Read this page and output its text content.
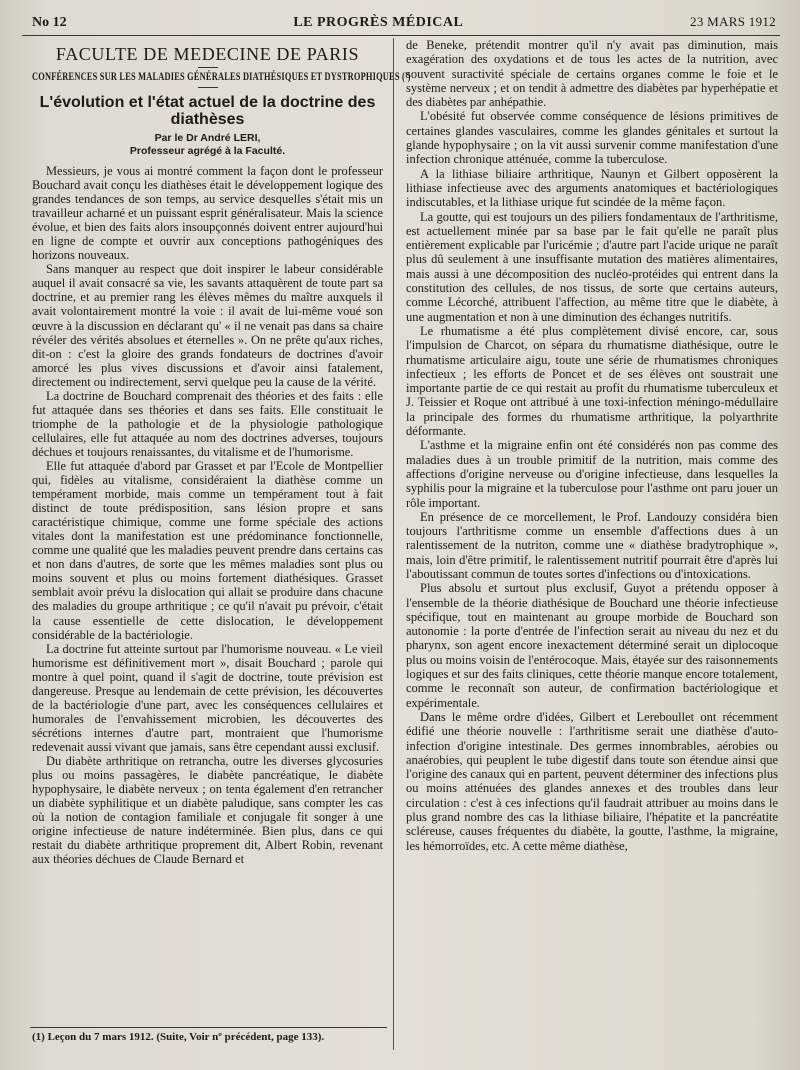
No 12	LE PROGRÈS MÉDICAL	23 MARS 1912
FACULTE DE MEDECINE DE PARIS
CONFÉRENCES SUR LES MALADIES GÉNÉRALES DIATHÉSIQUES ET DYSTROPHIQUES (¹)
L'évolution et l'état actuel de la doctrine des diathèses
Par le Dr André LERI,
Professeur agrégé à la Faculté.

Messieurs, je vous ai montré comment la façon dont le professeur Bouchard avait conçu les diathèses était le développement logique des grandes tendances de son temps, au service desquelles s'était mis un travailleur acharné et un puissant esprit généralisateur. Mais la science évolue, et bien des faits alors insoupçonnés doivent entrer aujourd'hui en ligne de compte et ouvrir aux conceptions pathogéniques des horizons nouveaux.

Sans manquer au respect que doit inspirer le labeur considérable auquel il avait consacré sa vie, les savants attaquèrent de toute part sa doctrine, et au premier rang les élèves mêmes du maître auxquels il avait volontairement montré la voie : il avait de lui-même voué son œuvre à la discussion en déclarant qu' « il ne venait pas dans sa chaire révéler des vérités absolues et éternelles ». On ne prête qu'aux riches, dit-on : c'est la gloire des grands fondateurs de doctrines d'avoir amorcé les plus vives discussions et d'avoir ainsi fatalement, directement ou indirectement, servi quelque peu la cause de la vérité.

La doctrine de Bouchard comprenait des théories et des faits : elle fut attaquée dans ses théories et dans ses faits. Elle constituait le triomphe de la pathologie et de la physiologie pathologique cellulaires, elle fut attaquée au nom des doctrines adverses, toujours déchues et toujours renaissantes, du vitalisme et de l'humorisme.

Elle fut attaquée d'abord par Grasset et par l'Ecole de Montpellier qui, fidèles au vitalisme, considéraient la diathèse comme un tempérament morbide, mais comme un tempérament tout à fait distinct de toute prédisposition, sans lésion propre et sans caractéristique chimique, comme une forme spéciale des actions vitales dont la manifestation est une prédominance fonctionnelle, comme une qualité que les maladies peuvent prendre dans certains cas et non dans d'autres, de sorte que les mêmes maladies sont plus ou moins souvent et plus ou moins fortement diathésiques. Grasset semblait avoir prévu la dislocation qui allait se produire dans chacune des maladies du groupe arthritique ; ce qu'il n'avait pu prévoir, c'était la cause essentielle de cette dislocation, le développement considérable de la bactériologie.

La doctrine fut atteinte surtout par l'humorisme nouveau. « Le vieil humorisme est définitivement mort », disait Bouchard ; parole qui montre à quel point, quand il s'agit de doctrine, toute prévision est dangereuse. Presque au lendemain de cette prévision, les découvertes de la bactériologie d'une part, avec les conséquences cellulaires et humorales de l'envahissement microbien, les découvertes des sécrétions internes d'autre part, montraient que l'humorisme redevenait aussi vivant que jamais, sans être cependant aussi exclusif.

Du diabète arthritique on retrancha, outre les diverses glycosuries plus ou moins passagères, le diabète pancréatique, le diabète hypophysaire, le diabète nerveux ; on tenta également d'en retrancher un diabète syphilitique et un diabète paludique, sans compter les cas où la notion de contagion familiale et conjugale fit songer à une origine infectieuse de nature indéterminée. Bien plus, dans ce qui restait du diabète arthritique proprement dit, Albert Robin, revenant aux théories déchues de Claude Bernard et

(1) Leçon du 7 mars 1912. (Suite, Voir nº précédent, page 133).

de Beneke, prétendit montrer qu'il n'y avait pas diminution, mais exagération des oxydations et de tous les actes de la nutrition, avec souvent suractivité spéciale de certains organes comme le foie et le système nerveux ; et on tendit à admettre des diabètes par hyperhépatie et des diabètes par anhépathie.

L'obésité fut observée comme conséquence de lésions primitives de certaines glandes vasculaires, comme les glandes génitales et surtout la glande hypophysaire ; on la vit aussi survenir comme manifestation d'une infection chronique atténuée, comme la tuberculose.

A la lithiase biliaire arthritique, Naunyn et Gilbert opposèrent la lithiase infectieuse avec des arguments anatomiques et bactériologiques indiscutables, et la lithiase urique fut scindée de la même façon.

La goutte, qui est toujours un des piliers fondamentaux de l'arthritisme, est actuellement minée par sa base par le fait qu'elle ne paraît plus entièrement explicable par l'uricémie ; d'autre part l'acide urique ne paraît plus dû seulement à une insuffisante mutation des matières alimentaires, mais aussi à une décomposition des nucléo-protéides qui entrent dans la constitution des cellules, de nos tissus, de sorte que certains auteurs, comme Lécorché, attribuent l'affection, au même titre que le diabète, à une augmentation et non à une diminution des échanges nutritifs.

Le rhumatisme a été plus complètement divisé encore, car, sous l'impulsion de Charcot, on sépara du rhumatisme diathésique, outre le rhumatisme articulaire aigu, toute une série de rhumatismes chroniques infectieux ; les efforts de Poncet et de ses élèves ont soustrait une importante partie de ce qui restait au profit du rhumatisme tuberculeux et J. Teissier et Roque ont attribué à une toxi-infection méningo-médullaire la principale des formes du rhumatisme arthritique, la polyarthrite déformante.

L'asthme et la migraine enfin ont été considérés non pas comme des maladies dues à un trouble primitif de la nutrition, mais comme des affections d'origine nerveuse ou d'origine infectieuse, dans lesquelles la syphilis pour la migraine et la tuberculose pour l'asthme ont paru jouer un rôle important.

En présence de ce morcellement, le Prof. Landouzy considéra bien toujours l'arthritisme comme un ensemble d'affections dues à un ralentissement de la nutriton, comme une « diathèse bradytrophique », mais, loin d'être primitif, le ralentissement nutritif pourrait être d'après lui l'aboutissant commun de toutes sortes d'infections ou d'intoxications.

Plus absolu et surtout plus exclusif, Guyot a prétendu opposer à l'ensemble de la théorie diathésique de Bouchard une théorie infectieuse spécifique, tout en maintenant au groupe morbide de Bouchard son autonomie : la porte d'entrée de l'infection serait au niveau du nez et du pharynx, son agent encore inexactement déterminé serait un diplocoque plus ou moins voisin de l'entérocoque. Mais, étayée sur des raisonnements logiques et sur des faits cliniques, cette théorie manque encore totalement, comme le reconnaît son auteur, de confirmation bactériologique et expérimentale.

Dans le même ordre d'idées, Gilbert et Lereboullet ont récemment édifié une théorie nouvelle : l'arthritisme serait une diathèse d'auto-infection d'origine intestinale. Des germes innombrables, aérobies ou anaérobies, qui peuplent le tube digestif dans toute son étendue ainsi que l'origine des canaux qui en partent, peuvent déterminer des infections plus ou moins atténuées des glandes annexes et des troubles dans leur circulation : c'est à ces infections qu'il faudrait attribuer au moins dans le plus grand nombre des cas la lithiase biliaire, l'hépatite et la pancréatite scléreuse, causes fréquentes du diabète, la goutte, l'asthme, la migraine, les hémorroïdes, etc. A cette même diathèse,
